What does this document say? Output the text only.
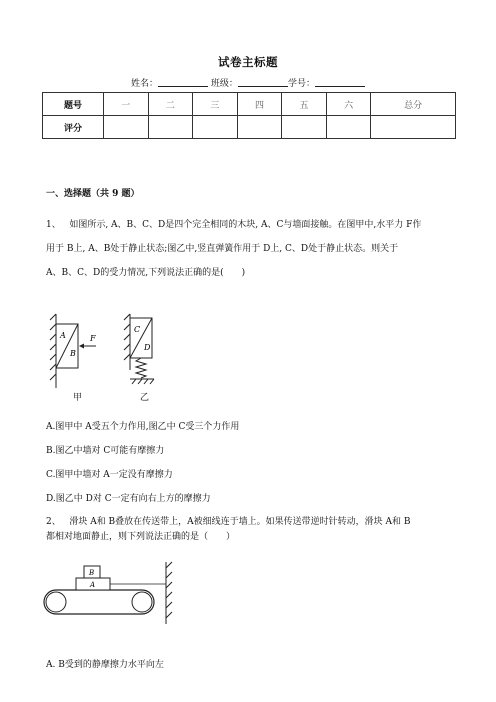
试卷主标题
姓名：	班级：	学号：
题号	一	二	三	四	五	六	总分
评分							
一、选择题（共 9 题）
1、 如图所示, A、B、C、D是四个完全相同的木块, A、C与墙面接触。在图甲中,水平力 F作
用于 B上, A、B处于静止状态;图乙中,竖直弹簧作用于 D上, C、D处于静止状态。则关于
A、B、C、D的受力情况,下列说法正确的是(　　)
A
B
F
C
D
甲	乙
A.图甲中 A受五个力作用,图乙中 C受三个力作用
B.图乙中墙对 C可能有摩擦力
C.图甲中墙对 A一定没有摩擦力
D.图乙中 D对 C一定有向右上方的摩擦力
2、 滑块 A和 B叠放在传送带上，A被细线连于墙上。如果传送带逆时针转动，滑块 A和 B
都相对地面静止，则下列说法正确的是（　　）
A
B
A. B受到的静摩擦力水平向左
